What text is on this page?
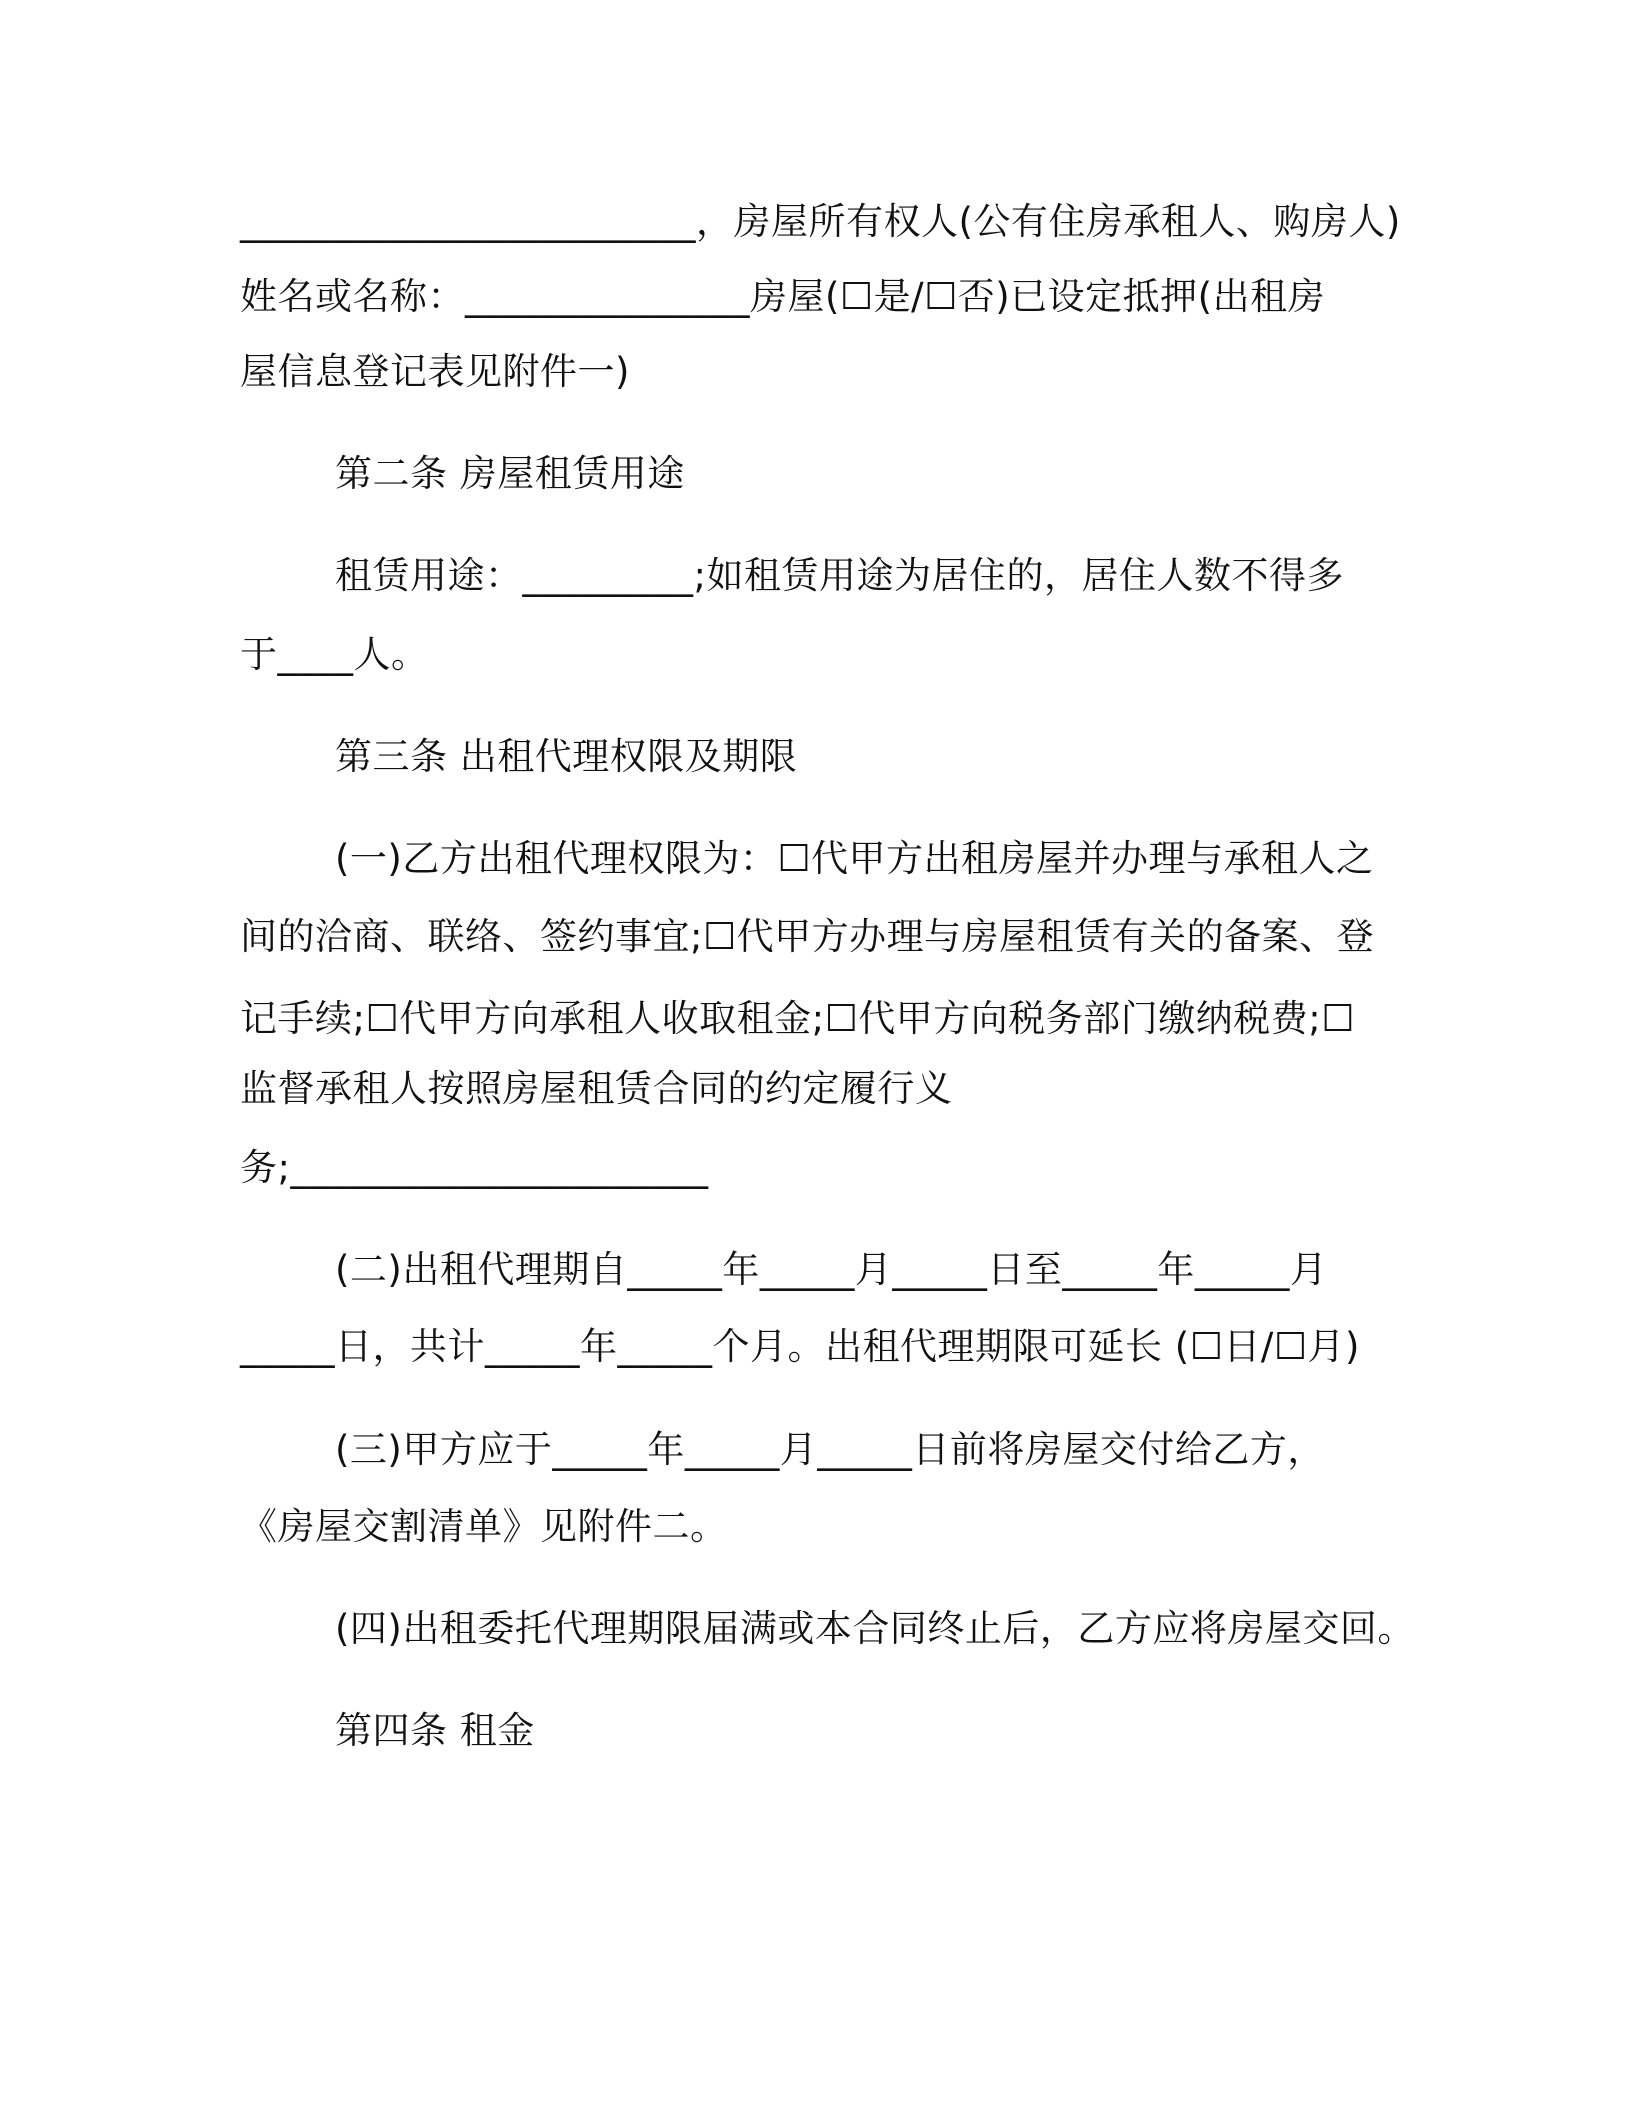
________________________，房屋所有权人(公有住房承租人、购房人)
姓名或名称：_______________房屋(☐是/☐否)已设定抵押(出租房
屋信息登记表见附件一)
第二条 房屋租赁用途
租赁用途：_________;如租赁用途为居住的，居住人数不得多
于____人。
第三条 出租代理权限及期限
(一)乙方出租代理权限为：☐代甲方出租房屋并办理与承租人之
间的洽商、联络、签约事宜;☐代甲方办理与房屋租赁有关的备案、登
记手续;☐代甲方向承租人收取租金;☐代甲方向税务部门缴纳税费;☐
监督承租人按照房屋租赁合同的约定履行义
务;______________________
(二)出租代理期自_____年_____月_____日至_____年_____月
_____日，共计_____年_____个月。出租代理期限可延长 (☐日/☐月)
(三)甲方应于_____年_____月_____日前将房屋交付给乙方，
《房屋交割清单》见附件二。
(四)出租委托代理期限届满或本合同终止后，乙方应将房屋交回。
第四条 租金
